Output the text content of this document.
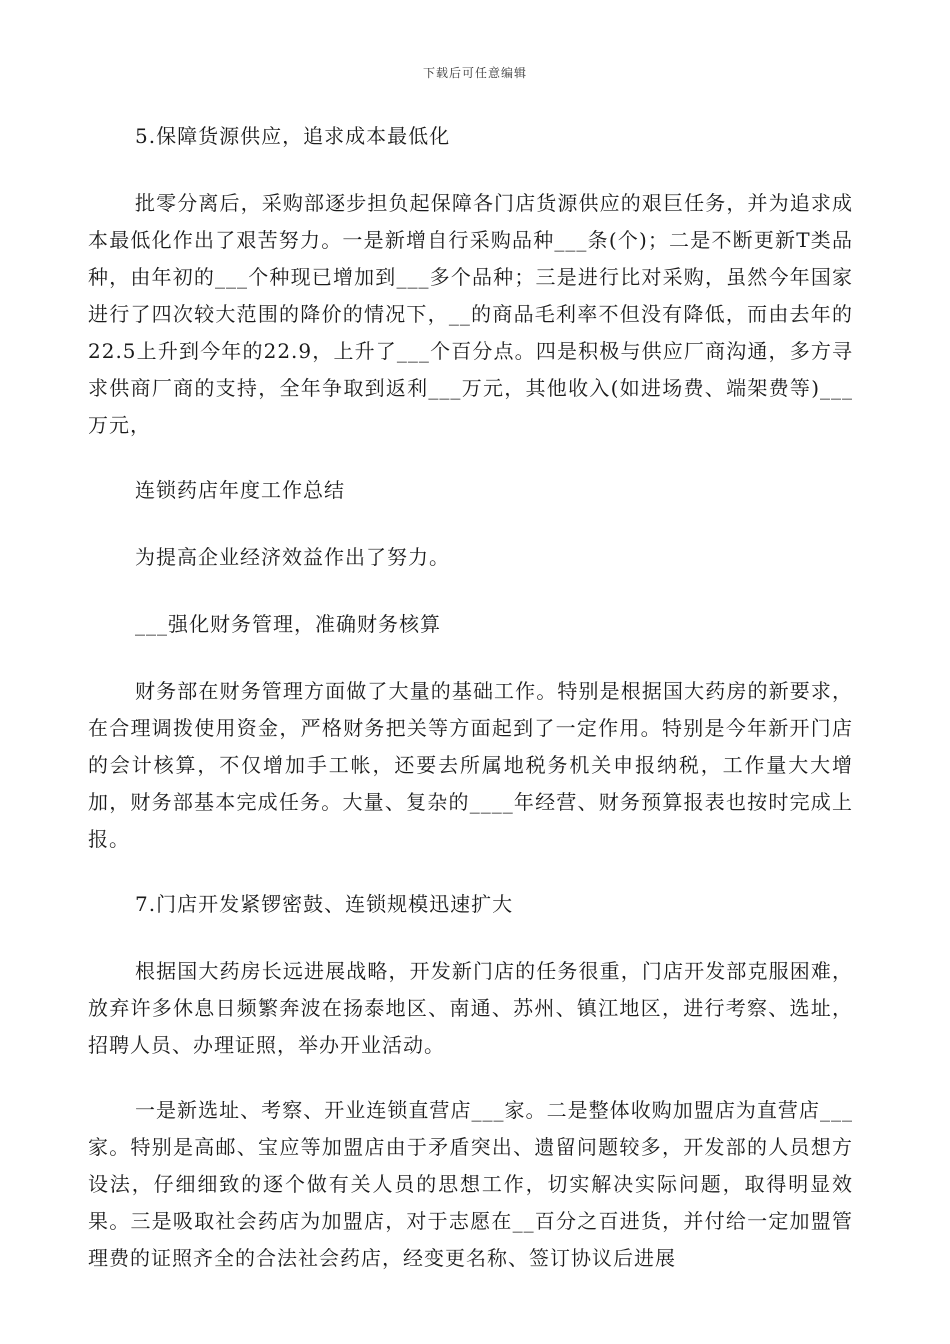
下载后可任意编辑

5.保障货源供应，追求成本最低化

批零分离后，采购部逐步担负起保障各门店货源供应的艰巨任务，并为追求成本最低化作出了艰苦努力。一是新增自行采购品种___条(个)；二是不断更新T类品种，由年初的___个种现已增加到___多个品种；三是进行比对采购，虽然今年国家进行了四次较大范围的降价的情况下，__的商品毛利率不但没有降低，而由去年的22.5上升到今年的22.9，上升了___个百分点。四是积极与供应厂商沟通，多方寻求供商厂商的支持，全年争取到返利___万元，其他收入(如进场费、端架费等)___万元，

连锁药店年度工作总结

为提高企业经济效益作出了努力。

___强化财务管理，准确财务核算

财务部在财务管理方面做了大量的基础工作。特别是根据国大药房的新要求，在合理调拨使用资金，严格财务把关等方面起到了一定作用。特别是今年新开门店的会计核算，不仅增加手工帐，还要去所属地税务机关申报纳税，工作量大大增加，财务部基本完成任务。大量、复杂的____年经营、财务预算报表也按时完成上报。

7.门店开发紧锣密鼓、连锁规模迅速扩大

根据国大药房长远进展战略，开发新门店的任务很重，门店开发部克服困难，放弃许多休息日频繁奔波在扬泰地区、南通、苏州、镇江地区，进行考察、选址，招聘人员、办理证照，举办开业活动。

一是新选址、考察、开业连锁直营店___家。二是整体收购加盟店为直营店___家。特别是高邮、宝应等加盟店由于矛盾突出、遗留问题较多，开发部的人员想方设法，仔细细致的逐个做有关人员的思想工作，切实解决实际问题，取得明显效果。三是吸取社会药店为加盟店，对于志愿在__百分之百进货，并付给一定加盟管理费的证照齐全的合法社会药店，经变更名称、签订协议后进展
